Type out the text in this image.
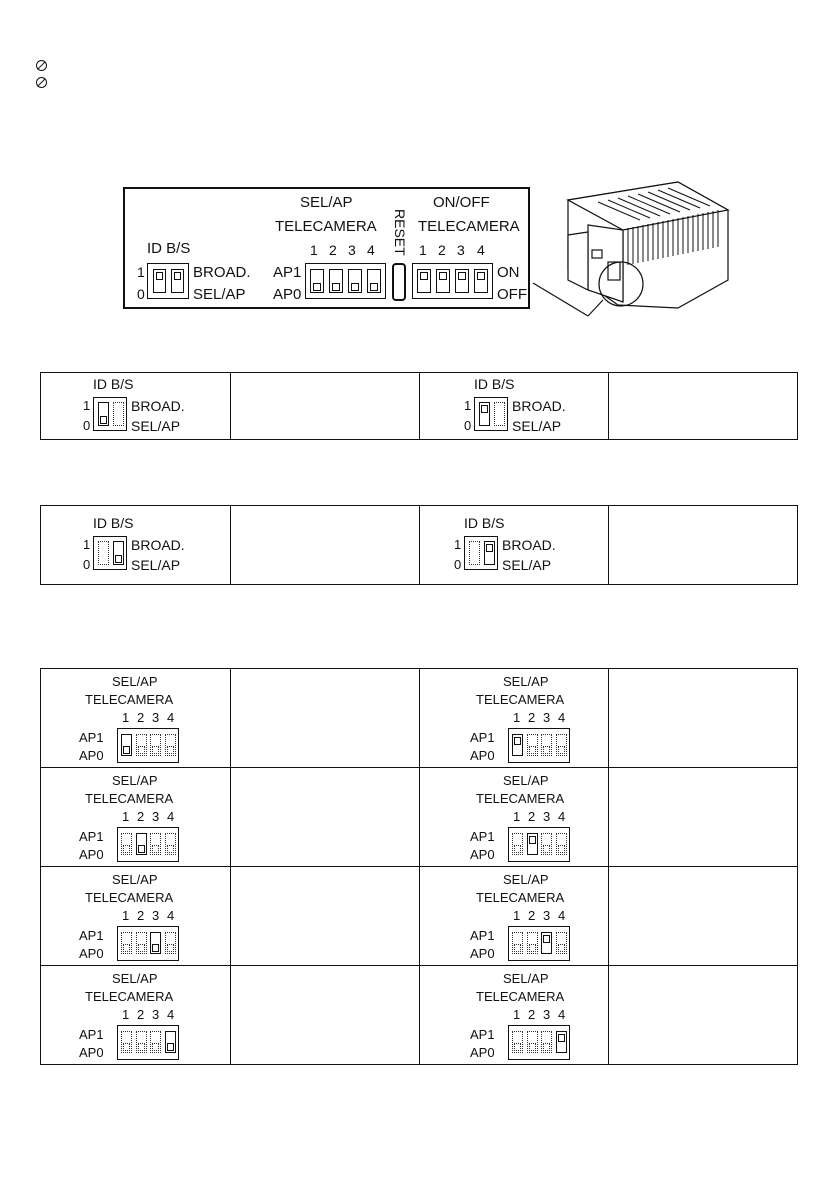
ID B/S
1
0
BROAD.
SEL/AP
SEL/AP
TELECAMERA
1 2 3 4
AP1
AP0
RESET
ON/OFF
TELECAMERA
1 2 3 4
ON
OFF
ID B/S
1
0
BROAD.
SEL/AP
ID B/S
1
0
BROAD.
SEL/AP
ID B/S
1
0
BROAD.
SEL/AP
ID B/S
1
0
BROAD.
SEL/AP
SEL/AP
TELECAMERA
1 2 3 4
AP1
AP0
SEL/AP
TELECAMERA
1 2 3 4
AP1
AP0
SEL/AP
TELECAMERA
1 2 3 4
AP1
AP0
SEL/AP
TELECAMERA
1 2 3 4
AP1
AP0
SEL/AP
TELECAMERA
1 2 3 4
AP1
AP0
SEL/AP
TELECAMERA
1 2 3 4
AP1
AP0
SEL/AP
TELECAMERA
1 2 3 4
AP1
AP0
SEL/AP
TELECAMERA
1 2 3 4
AP1
AP0
